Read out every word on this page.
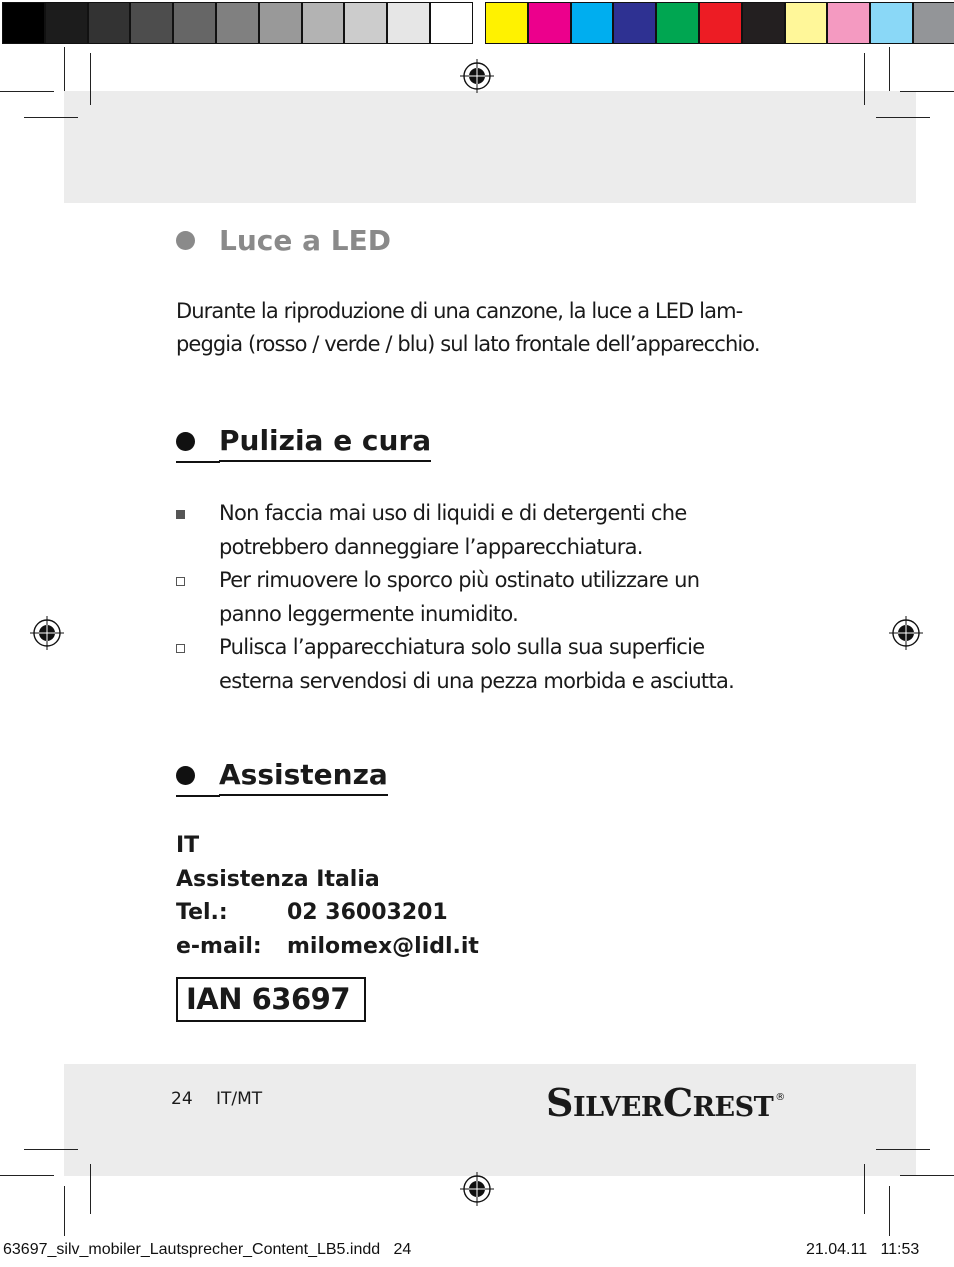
Luce a LED
Durante la riproduzione di una canzone, la luce a LED lam-
peggia (rosso / verde / blu) sul lato frontale dell’apparecchio.
Pulizia e cura
Non faccia mai uso di liquidi e di detergenti che
potrebbero danneggiare l’apparecchiatura.
Per rimuovere lo sporco più ostinato utilizzare un
panno leggermente inumidito.
Pulisca l’apparecchiatura solo sulla sua superficie
esterna servendosi di una pezza morbida e asciutta.
Assistenza
IT
Assistenza Italia
Tel.:	02 36003201
e-mail: milomex@lidl.it
IAN 63697
24 IT/MT	SILVERCREST ®
63697_silv_mobiler_Lautsprecher_Content_LB5.indd 24	21.04.11 11:53
